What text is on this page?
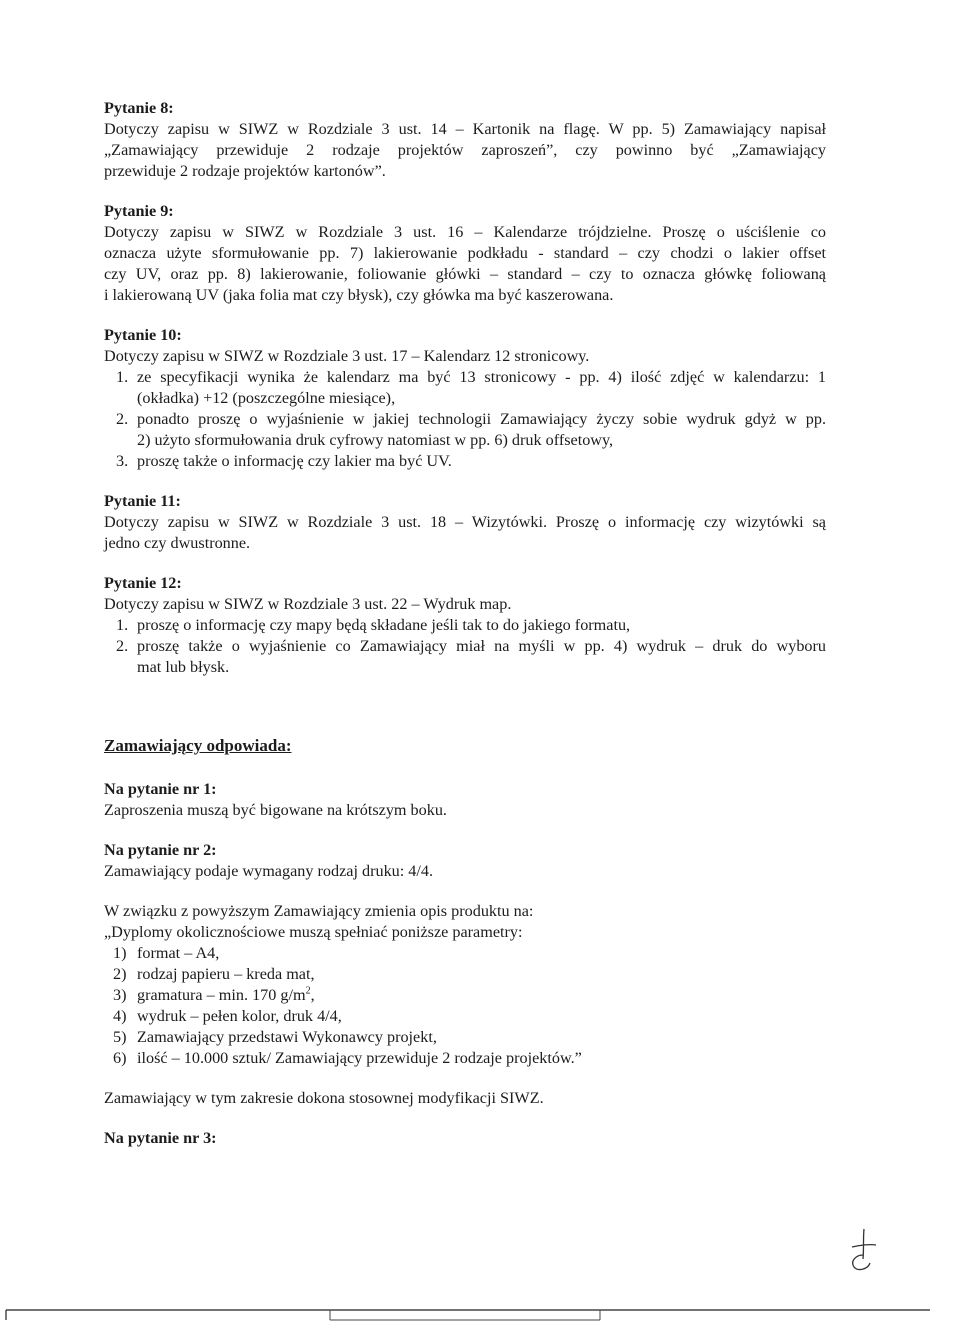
Pytanie 8:

Dotyczy zapisu w SIWZ w Rozdziale 3 ust. 14 – Kartonik na flagę. W pp. 5) Zamawiający napisał

„Zamawiający przewiduje 2 rodzaje projektów zaproszeń”, czy powinno być „Zamawiający

przewiduje 2 rodzaje projektów kartonów”.

Pytanie 9:

Dotyczy zapisu w SIWZ w Rozdziale 3 ust. 16 – Kalendarze trójdzielne. Proszę o uściślenie co

oznacza użyte sformułowanie pp. 7) lakierowanie podkładu - standard – czy chodzi o lakier offset

czy UV, oraz pp. 8) lakierowanie, foliowanie główki – standard – czy to oznacza główkę foliowaną

i lakierowaną UV (jaka folia mat czy błysk), czy główka ma być kaszerowana.

Pytanie 10:

Dotyczy zapisu w SIWZ w Rozdziale 3 ust. 17 – Kalendarz 12 stronicowy.

1. ze specyfikacji wynika że kalendarz ma być 13 stronicowy - pp. 4) ilość zdjęć w kalendarzu: 1
(okładka) +12 (poszczególne miesiące),
2. ponadto proszę o wyjaśnienie w jakiej technologii Zamawiający życzy sobie wydruk gdyż w pp.
2) użyto sformułowania druk cyfrowy natomiast w pp. 6) druk offsetowy,
3. proszę także o informację czy lakier ma być UV.

Pytanie 11:

Dotyczy zapisu w SIWZ w Rozdziale 3 ust. 18 – Wizytówki. Proszę o informację czy wizytówki są

jedno czy dwustronne.

Pytanie 12:

Dotyczy zapisu w SIWZ w Rozdziale 3 ust. 22 – Wydruk map.

1. proszę o informację czy mapy będą składane jeśli tak to do jakiego formatu,
2. proszę także o wyjaśnienie co Zamawiający miał na myśli w pp. 4) wydruk – druk do wyboru
mat lub błysk.

Zamawiający odpowiada:

Na pytanie nr 1:

Zaproszenia muszą być bigowane na krótszym boku.

Na pytanie nr 2:

Zamawiający podaje wymagany rodzaj druku: 4/4.

W związku z powyższym Zamawiający zmienia opis produktu na:

„Dyplomy okolicznościowe muszą spełniać poniższe parametry:

1) format – A4,
2) rodzaj papieru – kreda mat,
3) gramatura – min. 170 $g/m^2$,
4) wydruk – pełen kolor, druk 4/4,
5) Zamawiający przedstawi Wykonawcy projekt,
6) ilość – 10.000 sztuk/ Zamawiający przewiduje 2 rodzaje projektów.”

Zamawiający w tym zakresie dokona stosownej modyfikacji SIWZ.

Na pytanie nr 3:
